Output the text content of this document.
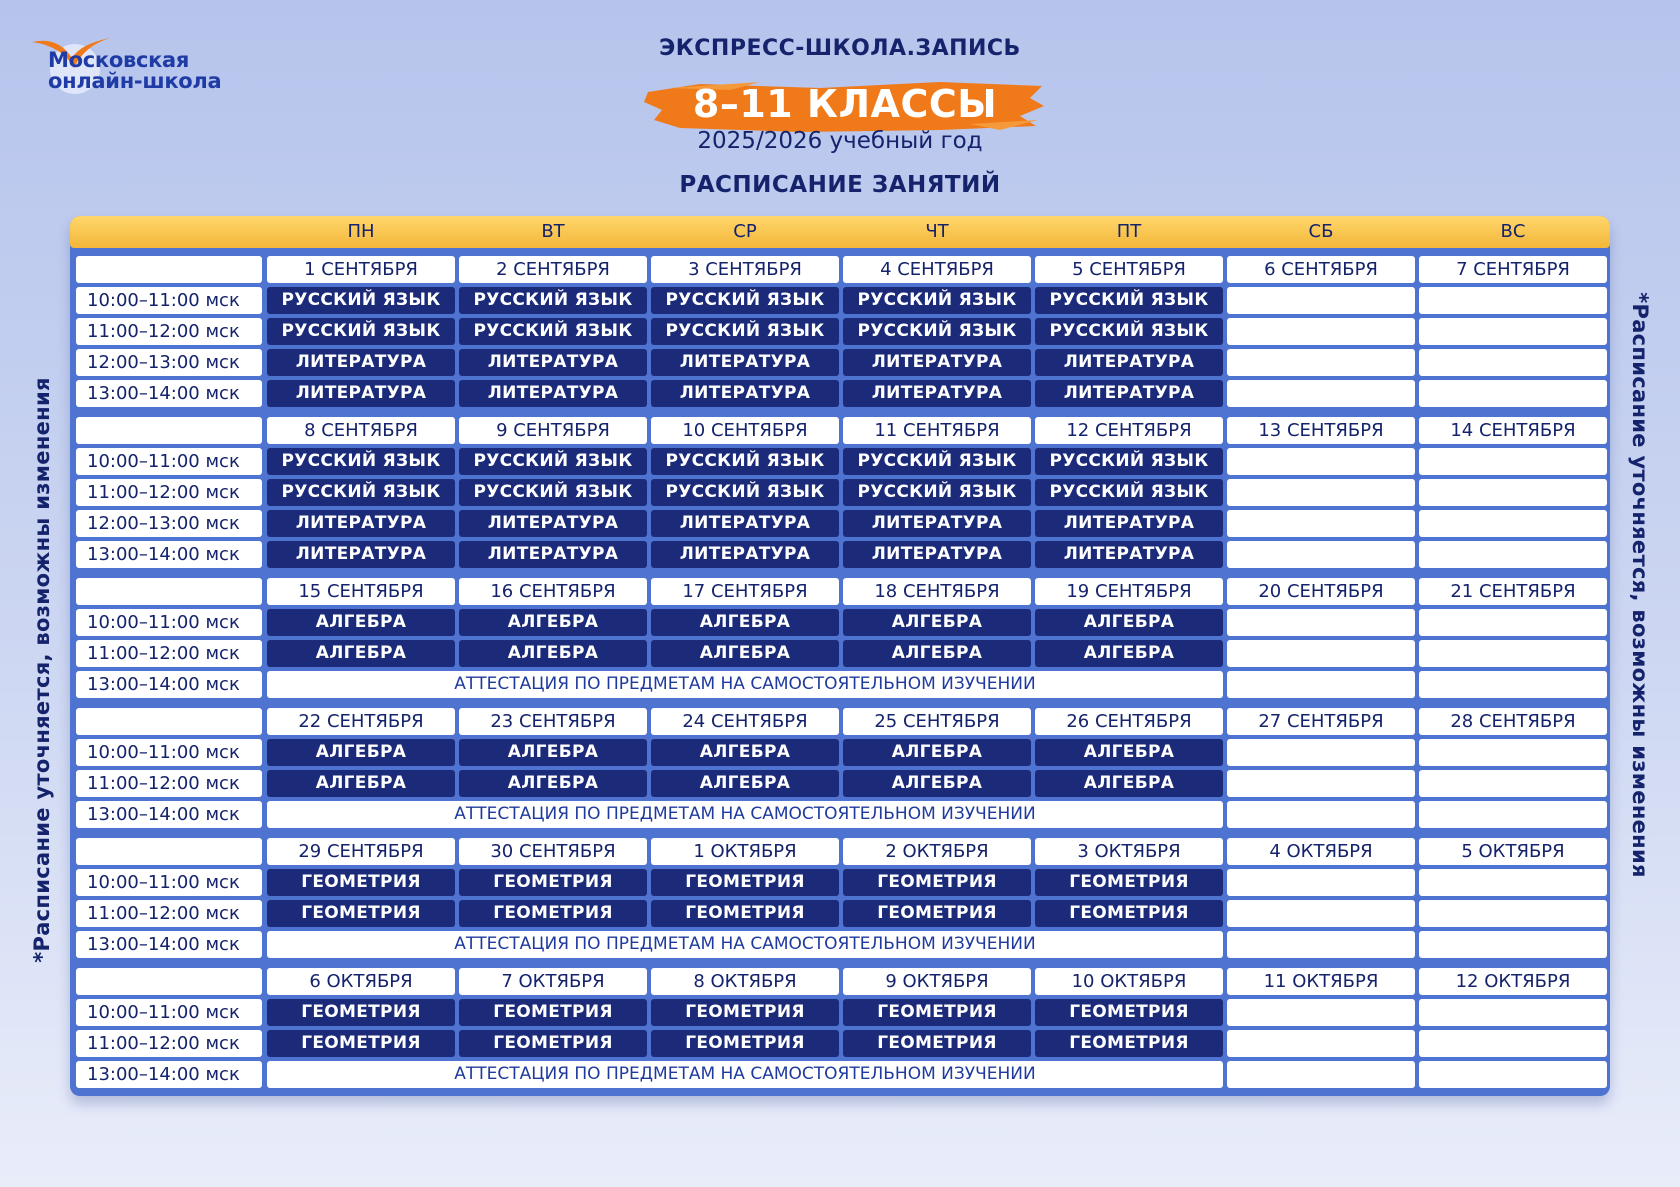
Московская
онлайн-школа
ЭКСПРЕСС-ШКОЛА.ЗАПИСЬ
8–11 КЛАССЫ
2025/2026 учебный год
РАСПИСАНИЕ ЗАНЯТИЙ
*Расписание уточняется, возможны изменения	*Расписание уточняется, возможны изменения
ПН	ВТ	СР	ЧТ	ПТ	СБ	ВС
1 СЕНТЯБРЯ	2 СЕНТЯБРЯ	3 СЕНТЯБРЯ	4 СЕНТЯБРЯ	5 СЕНТЯБРЯ	6 СЕНТЯБРЯ	7 СЕНТЯБРЯ
10:00–11:00 мск	РУССКИЙ ЯЗЫК	РУССКИЙ ЯЗЫК	РУССКИЙ ЯЗЫК	РУССКИЙ ЯЗЫК	РУССКИЙ ЯЗЫК
11:00–12:00 мск	РУССКИЙ ЯЗЫК	РУССКИЙ ЯЗЫК	РУССКИЙ ЯЗЫК	РУССКИЙ ЯЗЫК	РУССКИЙ ЯЗЫК
12:00–13:00 мск	ЛИТЕРАТУРА	ЛИТЕРАТУРА	ЛИТЕРАТУРА	ЛИТЕРАТУРА	ЛИТЕРАТУРА
13:00–14:00 мск	ЛИТЕРАТУРА	ЛИТЕРАТУРА	ЛИТЕРАТУРА	ЛИТЕРАТУРА	ЛИТЕРАТУРА
8 СЕНТЯБРЯ	9 СЕНТЯБРЯ	10 СЕНТЯБРЯ	11 СЕНТЯБРЯ	12 СЕНТЯБРЯ	13 СЕНТЯБРЯ	14 СЕНТЯБРЯ
10:00–11:00 мск	РУССКИЙ ЯЗЫК	РУССКИЙ ЯЗЫК	РУССКИЙ ЯЗЫК	РУССКИЙ ЯЗЫК	РУССКИЙ ЯЗЫК
11:00–12:00 мск	РУССКИЙ ЯЗЫК	РУССКИЙ ЯЗЫК	РУССКИЙ ЯЗЫК	РУССКИЙ ЯЗЫК	РУССКИЙ ЯЗЫК
12:00–13:00 мск	ЛИТЕРАТУРА	ЛИТЕРАТУРА	ЛИТЕРАТУРА	ЛИТЕРАТУРА	ЛИТЕРАТУРА
13:00–14:00 мск	ЛИТЕРАТУРА	ЛИТЕРАТУРА	ЛИТЕРАТУРА	ЛИТЕРАТУРА	ЛИТЕРАТУРА
15 СЕНТЯБРЯ	16 СЕНТЯБРЯ	17 СЕНТЯБРЯ	18 СЕНТЯБРЯ	19 СЕНТЯБРЯ	20 СЕНТЯБРЯ	21 СЕНТЯБРЯ
10:00–11:00 мск	АЛГЕБРА	АЛГЕБРА	АЛГЕБРА	АЛГЕБРА	АЛГЕБРА
11:00–12:00 мск	АЛГЕБРА	АЛГЕБРА	АЛГЕБРА	АЛГЕБРА	АЛГЕБРА
13:00–14:00 мск	АТТЕСТАЦИЯ ПО ПРЕДМЕТАМ НА САМОСТОЯТЕЛЬНОМ ИЗУЧЕНИИ
22 СЕНТЯБРЯ	23 СЕНТЯБРЯ	24 СЕНТЯБРЯ	25 СЕНТЯБРЯ	26 СЕНТЯБРЯ	27 СЕНТЯБРЯ	28 СЕНТЯБРЯ
10:00–11:00 мск	АЛГЕБРА	АЛГЕБРА	АЛГЕБРА	АЛГЕБРА	АЛГЕБРА
11:00–12:00 мск	АЛГЕБРА	АЛГЕБРА	АЛГЕБРА	АЛГЕБРА	АЛГЕБРА
13:00–14:00 мск	АТТЕСТАЦИЯ ПО ПРЕДМЕТАМ НА САМОСТОЯТЕЛЬНОМ ИЗУЧЕНИИ
29 СЕНТЯБРЯ	30 СЕНТЯБРЯ	1 ОКТЯБРЯ	2 ОКТЯБРЯ	3 ОКТЯБРЯ	4 ОКТЯБРЯ	5 ОКТЯБРЯ
10:00–11:00 мск	ГЕОМЕТРИЯ	ГЕОМЕТРИЯ	ГЕОМЕТРИЯ	ГЕОМЕТРИЯ	ГЕОМЕТРИЯ
11:00–12:00 мск	ГЕОМЕТРИЯ	ГЕОМЕТРИЯ	ГЕОМЕТРИЯ	ГЕОМЕТРИЯ	ГЕОМЕТРИЯ
13:00–14:00 мск	АТТЕСТАЦИЯ ПО ПРЕДМЕТАМ НА САМОСТОЯТЕЛЬНОМ ИЗУЧЕНИИ
6 ОКТЯБРЯ	7 ОКТЯБРЯ	8 ОКТЯБРЯ	9 ОКТЯБРЯ	10 ОКТЯБРЯ	11 ОКТЯБРЯ	12 ОКТЯБРЯ
10:00–11:00 мск	ГЕОМЕТРИЯ	ГЕОМЕТРИЯ	ГЕОМЕТРИЯ	ГЕОМЕТРИЯ	ГЕОМЕТРИЯ
11:00–12:00 мск	ГЕОМЕТРИЯ	ГЕОМЕТРИЯ	ГЕОМЕТРИЯ	ГЕОМЕТРИЯ	ГЕОМЕТРИЯ
13:00–14:00 мск	АТТЕСТАЦИЯ ПО ПРЕДМЕТАМ НА САМОСТОЯТЕЛЬНОМ ИЗУЧЕНИИ
